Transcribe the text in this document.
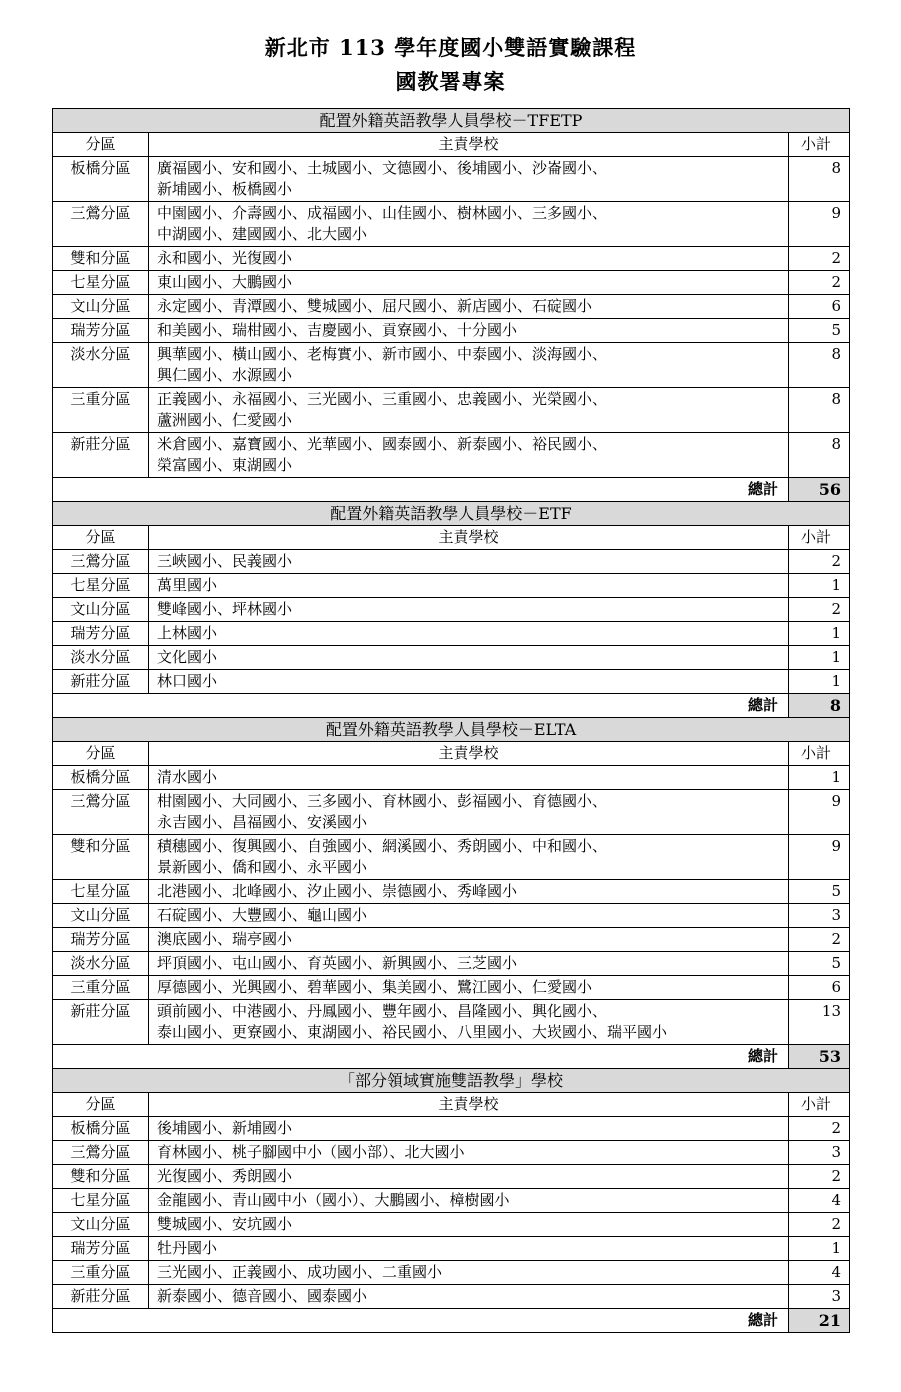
新北市 113 學年度國小雙語實驗課程
國教署專案
配置外籍英語教學人員學校－TFETP		
分區	主責學校	小計
板橋分區	廣福國小、安和國小、土城國小、文德國小、後埔國小、沙崙國小、
新埔國小、板橋國小	8
三鶯分區	中園國小、介壽國小、成福國小、山佳國小、樹林國小、三多國小、
中湖國小、建國國小、北大國小	9
雙和分區	永和國小、光復國小	2
七星分區	東山國小、大鵬國小	2
文山分區	永定國小、青潭國小、雙城國小、屈尺國小、新店國小、石碇國小	6
瑞芳分區	和美國小、瑞柑國小、吉慶國小、貢寮國小、十分國小	5
淡水分區	興華國小、橫山國小、老梅實小、新市國小、中泰國小、淡海國小、
興仁國小、水源國小	8
三重分區	正義國小、永福國小、三光國小、三重國小、忠義國小、光榮國小、
蘆洲國小、仁愛國小	8
新莊分區	米倉國小、嘉寶國小、光華國小、國泰國小、新泰國小、裕民國小、
榮富國小、東湖國小	8
總計		56
配置外籍英語教學人員學校－ETF		
分區	主責學校	小計
三鶯分區	三峽國小、民義國小	2
七星分區	萬里國小	1
文山分區	雙峰國小、坪林國小	2
瑞芳分區	上林國小	1
淡水分區	文化國小	1
新莊分區	林口國小	1
總計		8
配置外籍英語教學人員學校－ELTA		
分區	主責學校	小計
板橋分區	清水國小	1
三鶯分區	柑園國小、大同國小、三多國小、育林國小、彭福國小、育德國小、
永吉國小、昌福國小、安溪國小	9
雙和分區	積穗國小、復興國小、自強國小、網溪國小、秀朗國小、中和國小、
景新國小、僑和國小、永平國小	9
七星分區	北港國小、北峰國小、汐止國小、崇德國小、秀峰國小	5
文山分區	石碇國小、大豐國小、龜山國小	3
瑞芳分區	澳底國小、瑞亭國小	2
淡水分區	坪頂國小、屯山國小、育英國小、新興國小、三芝國小	5
三重分區	厚德國小、光興國小、碧華國小、集美國小、鷺江國小、仁愛國小	6
新莊分區	頭前國小、中港國小、丹鳳國小、豐年國小、昌隆國小、興化國小、
泰山國小、更寮國小、東湖國小、裕民國小、八里國小、大崁國小、瑞平國小	13
總計		53
「部分領域實施雙語教學」學校		
分區	主責學校	小計
板橋分區	後埔國小、新埔國小	2
三鶯分區	育林國小、桃子腳國中小（國小部）、北大國小	3
雙和分區	光復國小、秀朗國小	2
七星分區	金龍國小、青山國中小（國小）、大鵬國小、樟樹國小	4
文山分區	雙城國小、安坑國小	2
瑞芳分區	牡丹國小	1
三重分區	三光國小、正義國小、成功國小、二重國小	4
新莊分區	新泰國小、德音國小、國泰國小	3
總計		21
